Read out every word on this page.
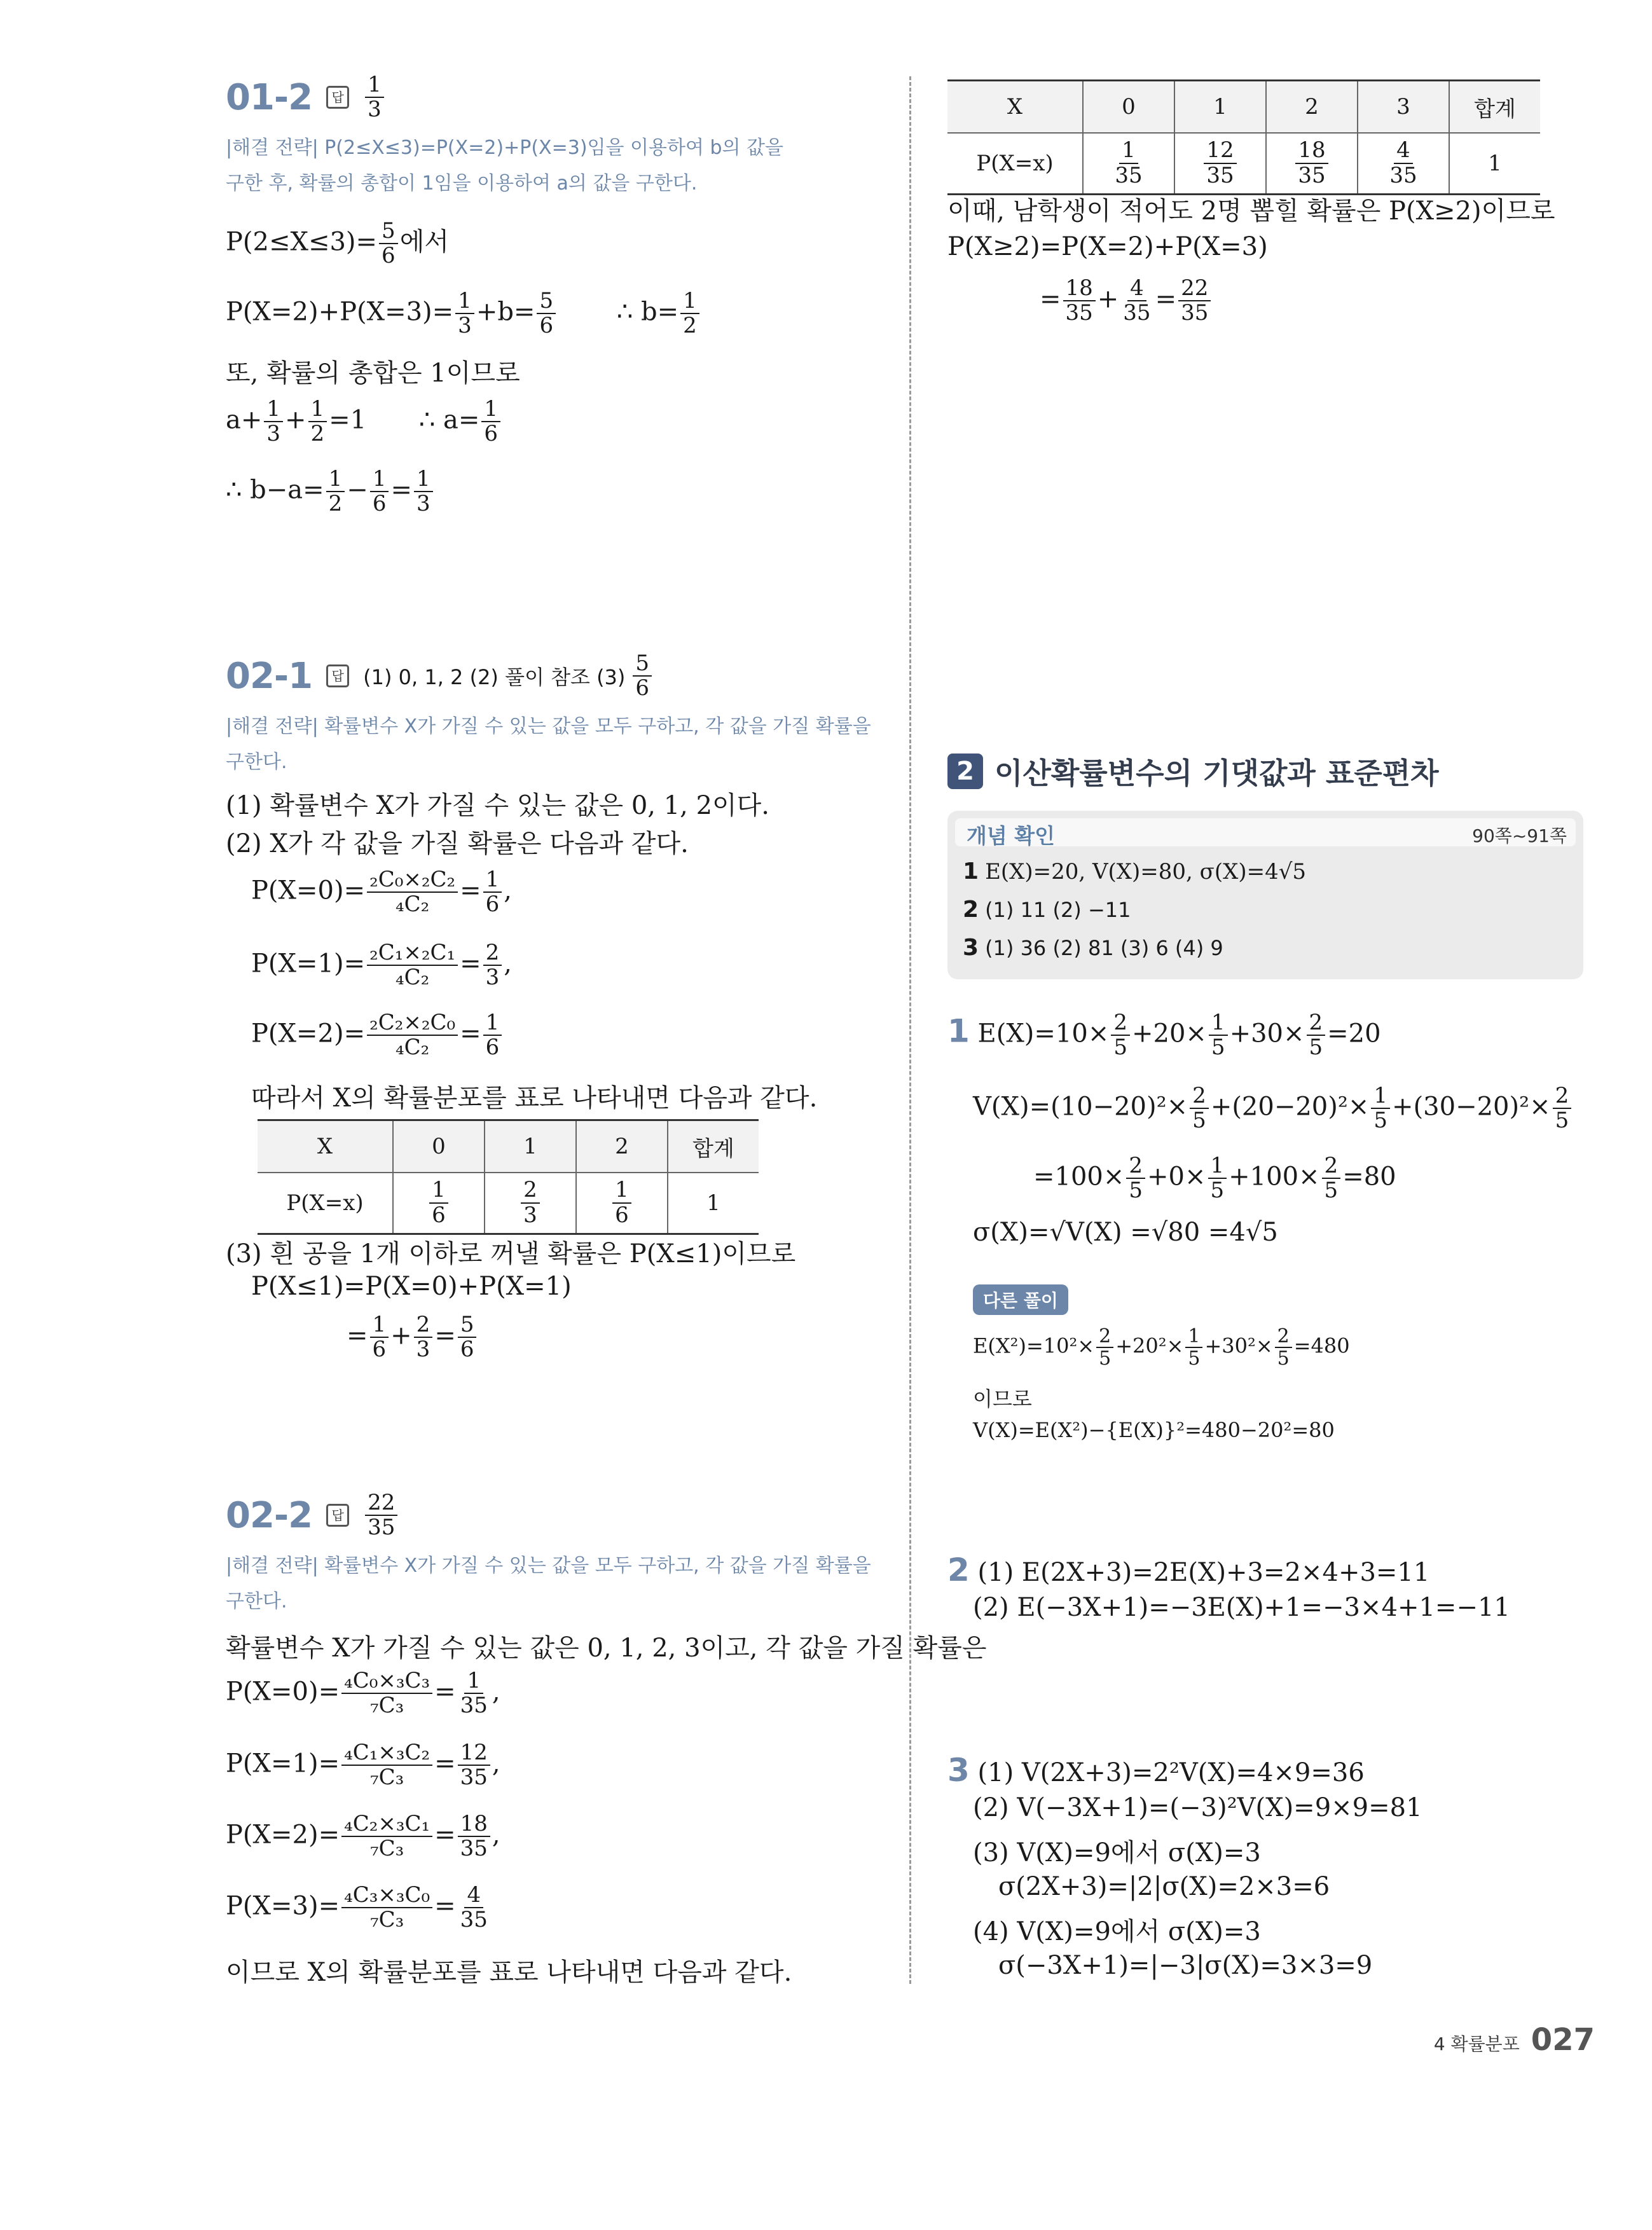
01-2	답 $\frac{1}{3}$
|해결 전략| P(2≤X≤3)=P(X=2)+P(X=3)임을 이용하여 b의 값을
구한 후, 확률의 총합이 1임을 이용하여 a의 값을 구한다.
$P(2\le X\le 3)= \frac{5}{6}$ 에서
$P(X=2)+P(X=3)= \frac{1}{3} +b= \frac{5}{6}$ ∴ $b= \frac{1}{2}$
또, 확률의 총합은 1이므로
$a+ \frac{1}{3} + \frac{1}{2} =1$ ∴ $a= \frac{1}{6}$
∴ $b-a= \frac{1}{2} - \frac{1}{6} = \frac{1}{3}$
02-1	답 (1) 0, 1, 2 (2) 풀이 참조 $(3) \frac{5}{6}$
|해결 전략| 확률변수 X가 가질 수 있는 값을 모두 구하고, 각 값을 가질 확률을
구한다.
(1) 확률변수 X가 가질 수 있는 값은 0, 1, 2이다.
(2) X가 각 값을 가질 확률은 다음과 같다.
$P(X=0)= \frac{\text{₂C₀×₂C₂}}{\text{₄C₂}} = \frac{1}{6}$ ,
$P(X=1)= \frac{\text{₂C₁×₂C₁}}{\text{₄C₂}} = \frac{2}{3}$ ,
$P(X=2)= \frac{\text{₂C₂×₂C₀}}{\text{₄C₂}} = \frac{1}{6}$
따라서 X의 확률분포를 표로 나타내면 다음과 같다.
X	0	1	2	합계
P(X=x)	$\frac{1}{6}$	$\frac{2}{3}$	$\frac{1}{6}$	1
(3) 흰 공을 1개 이하로 꺼낼 확률은 P(X≤1)이므로
P(X≤1)=P(X=0)+P(X=1)
= $\frac{1}{6} + \frac{2}{3} = \frac{5}{6}$
02-2	답 $\frac{22}{35}$
|해결 전략| 확률변수 X가 가질 수 있는 값을 모두 구하고, 각 값을 가질 확률을
구한다.
확률변수 X가 가질 수 있는 값은 0, 1, 2, 3이고, 각 값을 가질 확률은
$P(X=0)= \frac{\text{₄C₀×₃C₃}}{\text{₇C₃}} = \frac{1}{35}$ ,
$P(X=1)= \frac{\text{₄C₁×₃C₂}}{\text{₇C₃}} = \frac{12}{35}$ ,
$P(X=2)= \frac{\text{₄C₂×₃C₁}}{\text{₇C₃}} = \frac{18}{35}$ ,
$P(X=3)= \frac{\text{₄C₃×₃C₀}}{\text{₇C₃}} = \frac{4}{35}$
이므로 X의 확률분포를 표로 나타내면 다음과 같다.
X	0	1	2	3	합계
P(X=x)	$\frac{1}{35}$	$\frac{12}{35}$	$\frac{18}{35}$	$\frac{4}{35}$	1
이때, 남학생이 적어도 2명 뽑힐 확률은 P(X≥2)이므로
P(X≥2)=P(X=2)+P(X=3)
= $\frac{18}{35} + \frac{4}{35} = \frac{22}{35}$
2 이산확률변수의 기댓값과 표준편차
개념 확인	90쪽~91쪽
1 E(X)=20, V(X)=80, σ(X)=4√5
2 (1) 11 (2) −11
3 (1) 36 (2) 81 (3) 6 (4) 9
1 $E(X)=10\times \frac{2}{5} +20\times \frac{1}{5} +30\times \frac{2}{5} =20$
$V(X)=(10-20)^2\times \frac{2}{5} +(20-20)^2\times \frac{1}{5} +(30-20)^2\times \frac{2}{5}$
$=100\times \frac{2}{5} +0\times \frac{1}{5} +100\times \frac{2}{5} =80$
σ(X)=√V(X) =√80 =4√5
다른 풀이
$E(X^2)=10^2\times \frac{2}{5} +20^2\times \frac{1}{5} +30^2\times \frac{2}{5} =480$
이므로
V(X)=E(X²)−{E(X)}²=480−20²=80
2 (1) E(2X+3)=2E(X)+3=2×4+3=11
(2) E(−3X+1)=−3E(X)+1=−3×4+1=−11
3 (1) V(2X+3)=2²V(X)=4×9=36
(2) V(−3X+1)=(−3)²V(X)=9×9=81
(3) V(X)=9에서 σ(X)=3
σ(2X+3)=|2|σ(X)=2×3=6
(4) V(X)=9에서 σ(X)=3
σ(−3X+1)=|−3|σ(X)=3×3=9
4 확률분포 027
